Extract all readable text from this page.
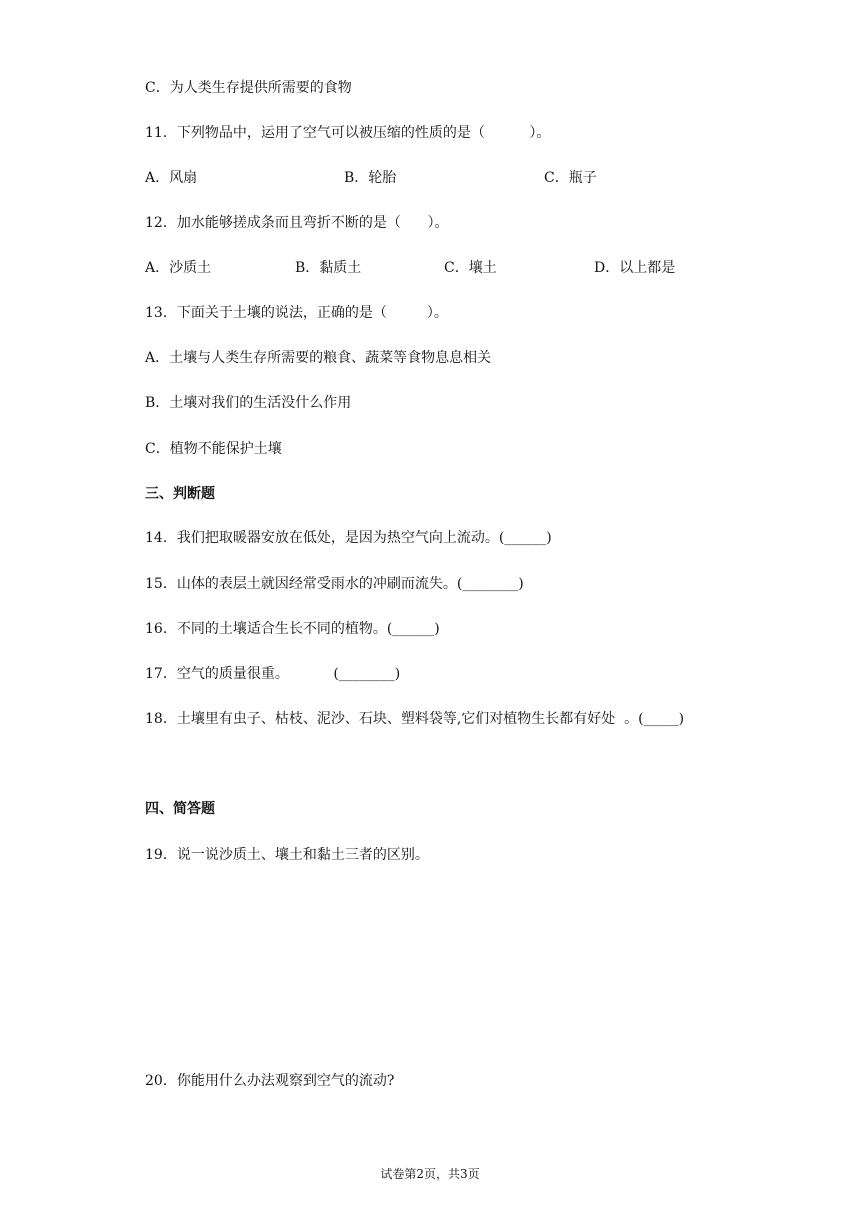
C．为人类生存提供所需要的食物
11．下列物品中，运用了空气可以被压缩的性质的是（          ）。
A．风扇	B．轮胎	C．瓶子
12．加水能够搓成条而且弯折不断的是（      ）。
A．沙质土	B．黏质土	C．壤土	D．以上都是
13．下面关于土壤的说法，正确的是（         ）。
A．土壤与人类生存所需要的粮食、蔬菜等食物息息相关
B．土壤对我们的生活没什么作用
C．植物不能保护土壤
三、判断题
14．我们把取暖器安放在低处，是因为热空气向上流动。(______)
15．山体的表层土就因经常受雨水的冲刷而流失。(________)
16．不同的土壤适合生长不同的植物。(______)
17．空气的质量很重。          (________)
18．土壤里有虫子、枯枝、泥沙、石块、塑料袋等,它们对植物生长都有好处  。(_____)
四、简答题
19．说一说沙质土、壤土和黏土三者的区别。
20．你能用什么办法观察到空气的流动?
试卷第2页，共3页
